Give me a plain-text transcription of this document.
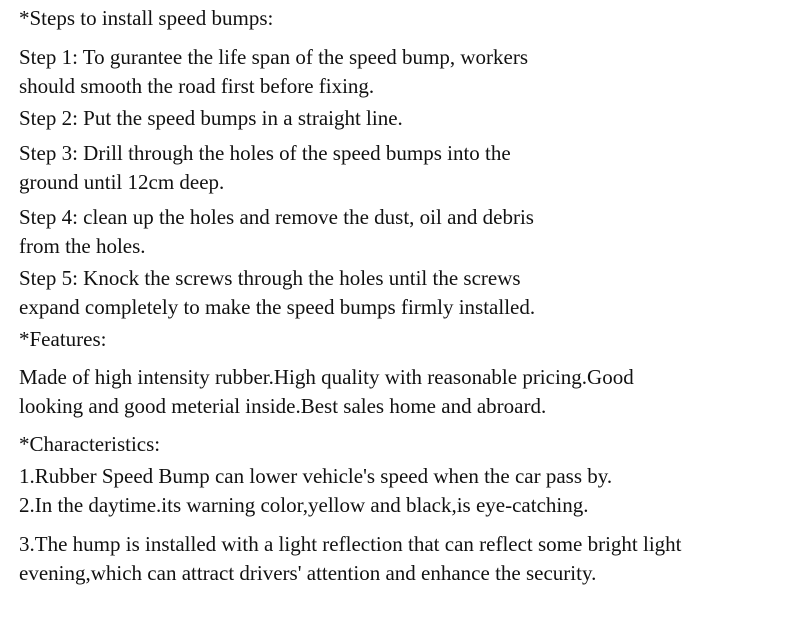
*Steps to install speed bumps:
Step 1: To gurantee the life span of the speed bump, workers
should smooth the road first before fixing.
Step 2: Put the speed bumps in a straight line.
Step 3: Drill through the holes of the speed bumps into the
ground until 12cm deep.
Step 4: clean up the holes and remove the dust, oil and debris
from the holes.
Step 5: Knock the screws through the holes until the screws
expand completely to make the speed bumps firmly installed.
*Features:
Made of high intensity rubber.High quality with reasonable pricing.Good
looking and good meterial inside.Best sales home and abroard.
*Characteristics:
1.Rubber Speed Bump can lower vehicle's speed when the car pass by.
2.In the daytime.its warning color,yellow and black,is eye-catching.
3.The hump is installed with a light reflection that can reflect some bright light
evening,which can attract drivers' attention and enhance the security.
